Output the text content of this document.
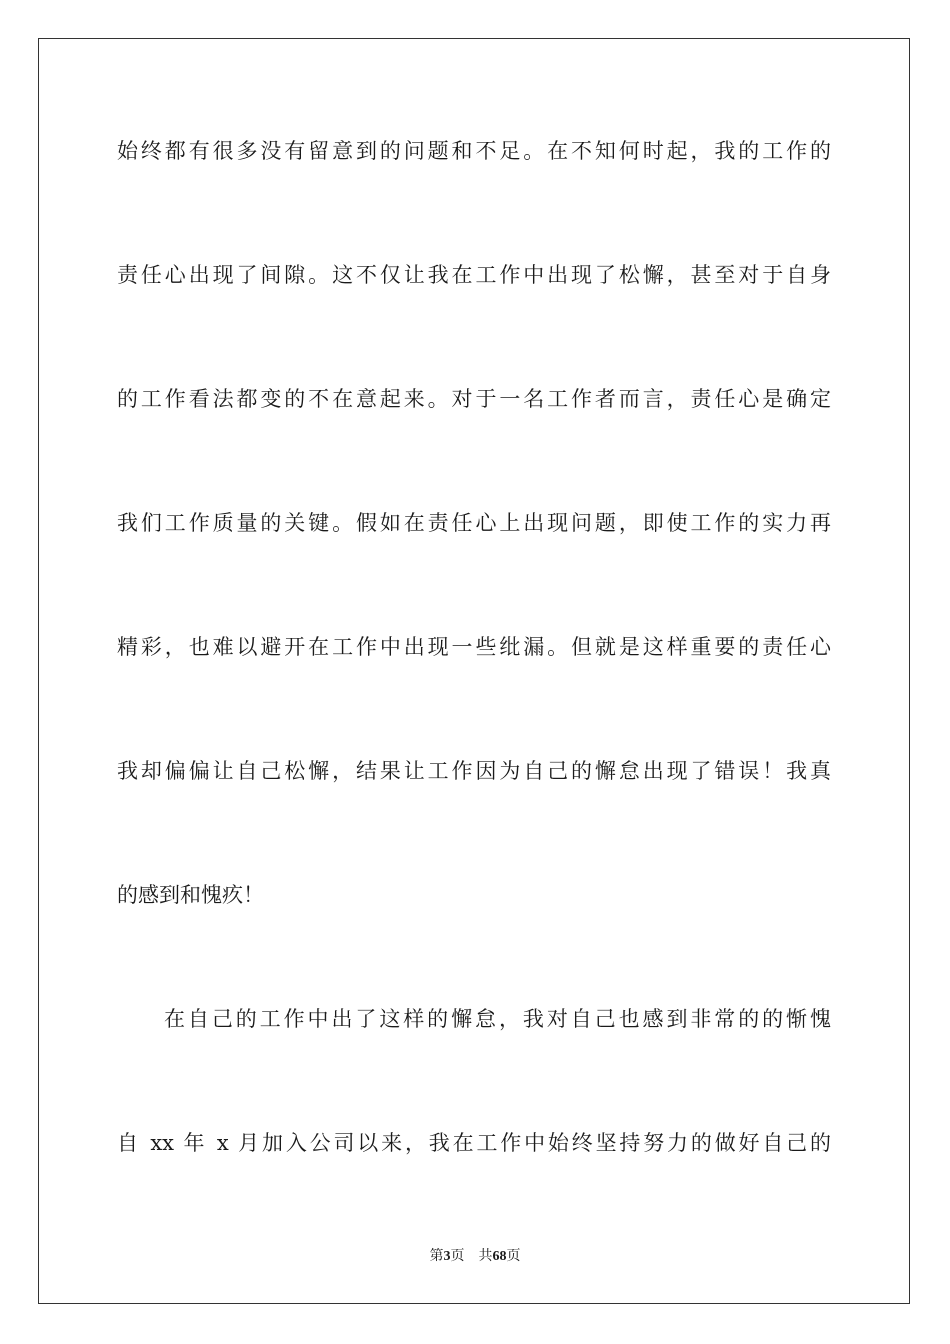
始终都有很多没有留意到的问题和不足。在不知何时起，我的工作的
责任心出现了间隙。这不仅让我在工作中出现了松懈，甚至对于自身
的工作看法都变的不在意起来。对于一名工作者而言，责任心是确定
我们工作质量的关键。假如在责任心上出现问题，即使工作的实力再
精彩，也难以避开在工作中出现一些纰漏。但就是这样重要的责任心
我却偏偏让自己松懈，结果让工作因为自己的懈怠出现了错误！我真
的感到和愧疚！
在自己的工作中出了这样的懈怠，我对自己也感到非常的的惭愧
自 xx 年 x 月加入公司以来，我在工作中始终坚持努力的做好自己的
第3页 共68页
